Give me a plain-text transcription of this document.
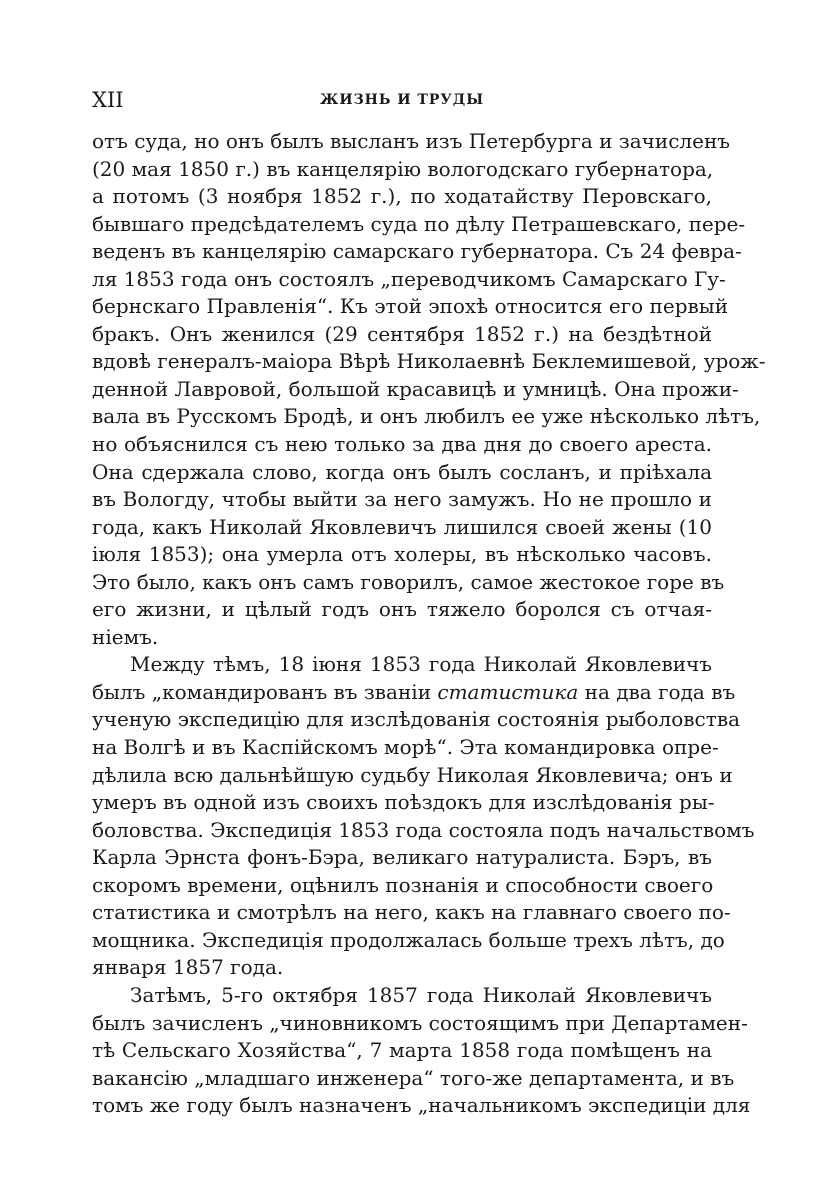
XII	ЖИЗНЬ И ТРУДЫ
отъ суда, но онъ былъ высланъ изъ Петербурга и зачисленъ
(20 мая 1850 г.) въ канцелярію вологодскаго губернатора,
а потомъ (3 ноября 1852 г.), по ходатайству Перовскаго,
бывшаго предсѣдателемъ суда по дѣлу Петрашевскаго, пере-
веденъ въ канцелярію самарскаго губернатора. Съ 24 февра-
ля 1853 года онъ состоялъ „переводчикомъ Самарскаго Гу-
бернскаго Правленія“. Къ этой эпохѣ относится его первый
бракъ. Онъ женился (29 сентября 1852 г.) на бездѣтной
вдовѣ генералъ-маіора Вѣрѣ Николаевнѣ Беклемишевой, урож-
денной Лавровой, большой красавицѣ и умницѣ. Она прожи-
вала въ Русскомъ Бродѣ, и онъ любилъ ее уже нѣсколько лѣтъ,
но объяснился съ нею только за два дня до своего ареста.
Она сдержала слово, когда онъ былъ сосланъ, и пріѣхала
въ Вологду, чтобы выйти за него замужъ. Но не прошло и
года, какъ Николай Яковлевичъ лишился своей жены (10
іюля 1853); она умерла отъ холеры, въ нѣсколько часовъ.
Это было, какъ онъ самъ говорилъ, самое жестокое горе въ
его жизни, и цѣлый годъ онъ тяжело боролся съ отчая-
ніемъ.
Между тѣмъ, 18 іюня 1853 года Николай Яковлевичъ
былъ „командированъ въ званіи статистика на два года въ
ученую экспедицію для изслѣдованія состоянія рыболовства
на Волгѣ и въ Каспійскомъ морѣ“. Эта командировка опре-
дѣлила всю дальнѣйшую судьбу Николая Яковлевича; онъ и
умеръ въ одной изъ своихъ поѣздокъ для изслѣдованія ры-
боловства. Экспедиція 1853 года состояла подъ начальствомъ
Карла Эрнста фонъ-Бэра, великаго натуралиста. Бэръ, въ
скоромъ времени, оцѣнилъ познанія и способности своего
статистика и смотрѣлъ на него, какъ на главнаго своего по-
мощника. Экспедиція продолжалась больше трехъ лѣтъ, до
января 1857 года.
Затѣмъ, 5-го октября 1857 года Николай Яковлевичъ
былъ зачисленъ „чиновникомъ состоящимъ при Департамен-
тѣ Сельскаго Хозяйства“, 7 марта 1858 года помѣщенъ на
вакансію „младшаго инженера“ того-же департамента, и въ
томъ же году былъ назначенъ „начальникомъ экспедиціи для
